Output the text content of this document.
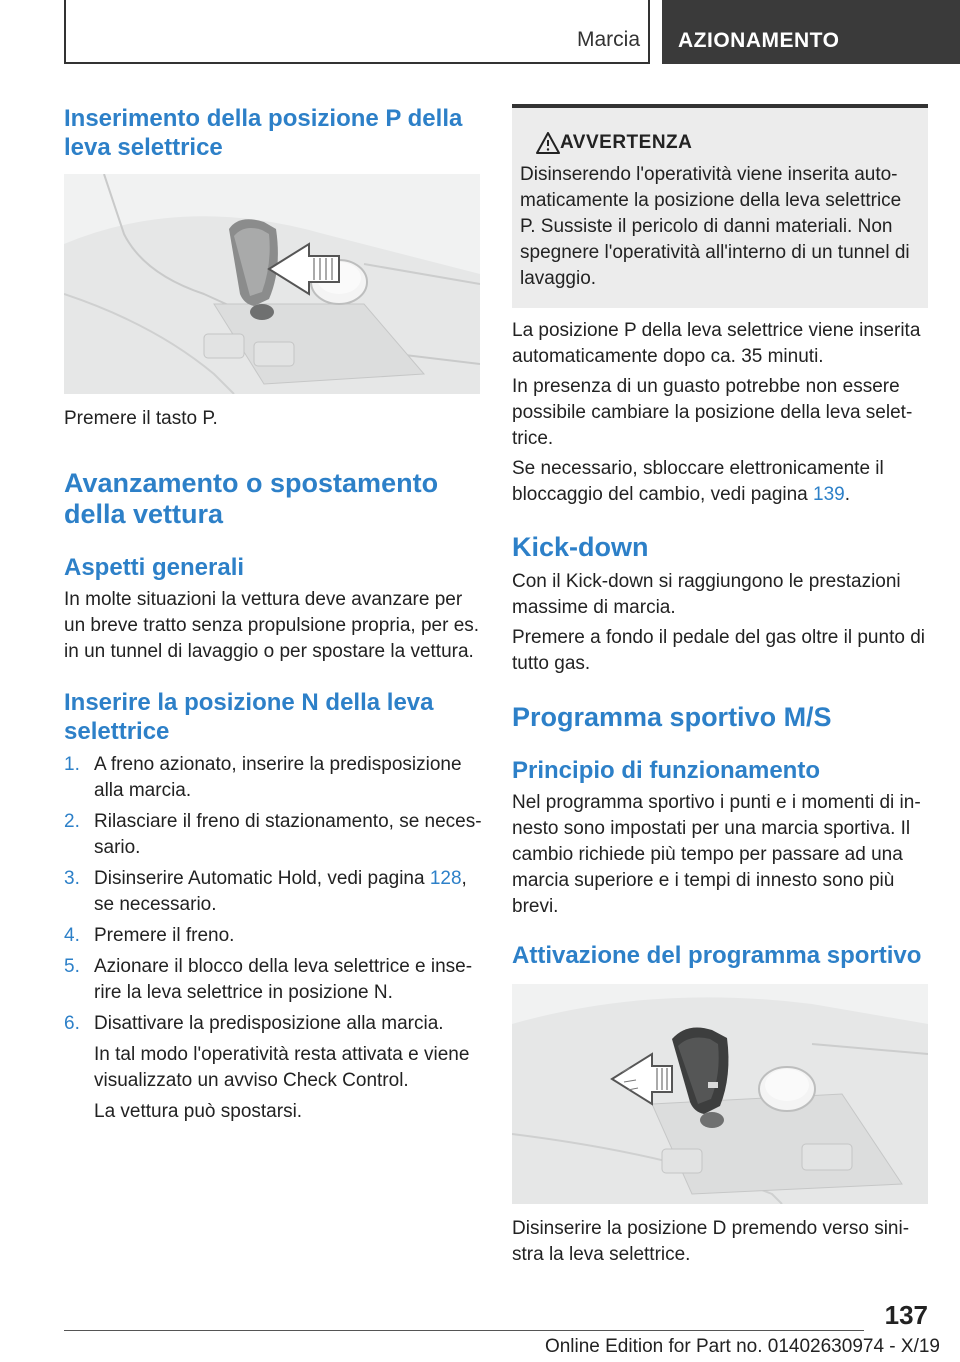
Marcia	AZIONAMENTO
Inserimento della posizione P della leva selettrice
Premere il tasto P.
Avanzamento o spostamento della vettura
Aspetti generali
In molte situazioni la vettura deve avanzare per un breve tratto senza propulsione propria, per es. in un tunnel di lavaggio o per spostare la vettura.
Inserire la posizione N della leva selettrice
1. A freno azionato, inserire la predisposizione alla marcia.
2. Rilasciare il freno di stazionamento, se necessario.
3. Disinserire Automatic Hold, vedi pagina 128, se necessario.
4. Premere il freno.
5. Azionare il blocco della leva selettrice e inserire la leva selettrice in posizione N.
6. Disattivare la predisposizione alla marcia.

In tal modo l'operatività resta attivata e viene visualizzato un avviso Check Control.

La vettura può spostarsi.

AVVERTENZA
Disinserendo l'operatività viene inserita automaticamente la posizione della leva selettrice P. Sussiste il pericolo di danni materiali. Non spegnere l'operatività all'interno di un tunnel di lavaggio.
La posizione P della leva selettrice viene inserita automaticamente dopo ca. 35 minuti.
In presenza di un guasto potrebbe non essere possibile cambiare la posizione della leva selettrice.
Se necessario, sbloccare elettronicamente il bloccaggio del cambio, vedi pagina 139.
Kick-down
Con il Kick-down si raggiungono le prestazioni massime di marcia.
Premere a fondo il pedale del gas oltre il punto di tutto gas.
Programma sportivo M/S
Principio di funzionamento
Nel programma sportivo i punti e i momenti di innesto sono impostati per una marcia sportiva. Il cambio richiede più tempo per passare ad una marcia superiore e i tempi di innesto sono più brevi.
Attivazione del programma sportivo
Disinserire la posizione D premendo verso sinistra la leva selettrice.
137
Online Edition for Part no. 01402630974 - X/19
